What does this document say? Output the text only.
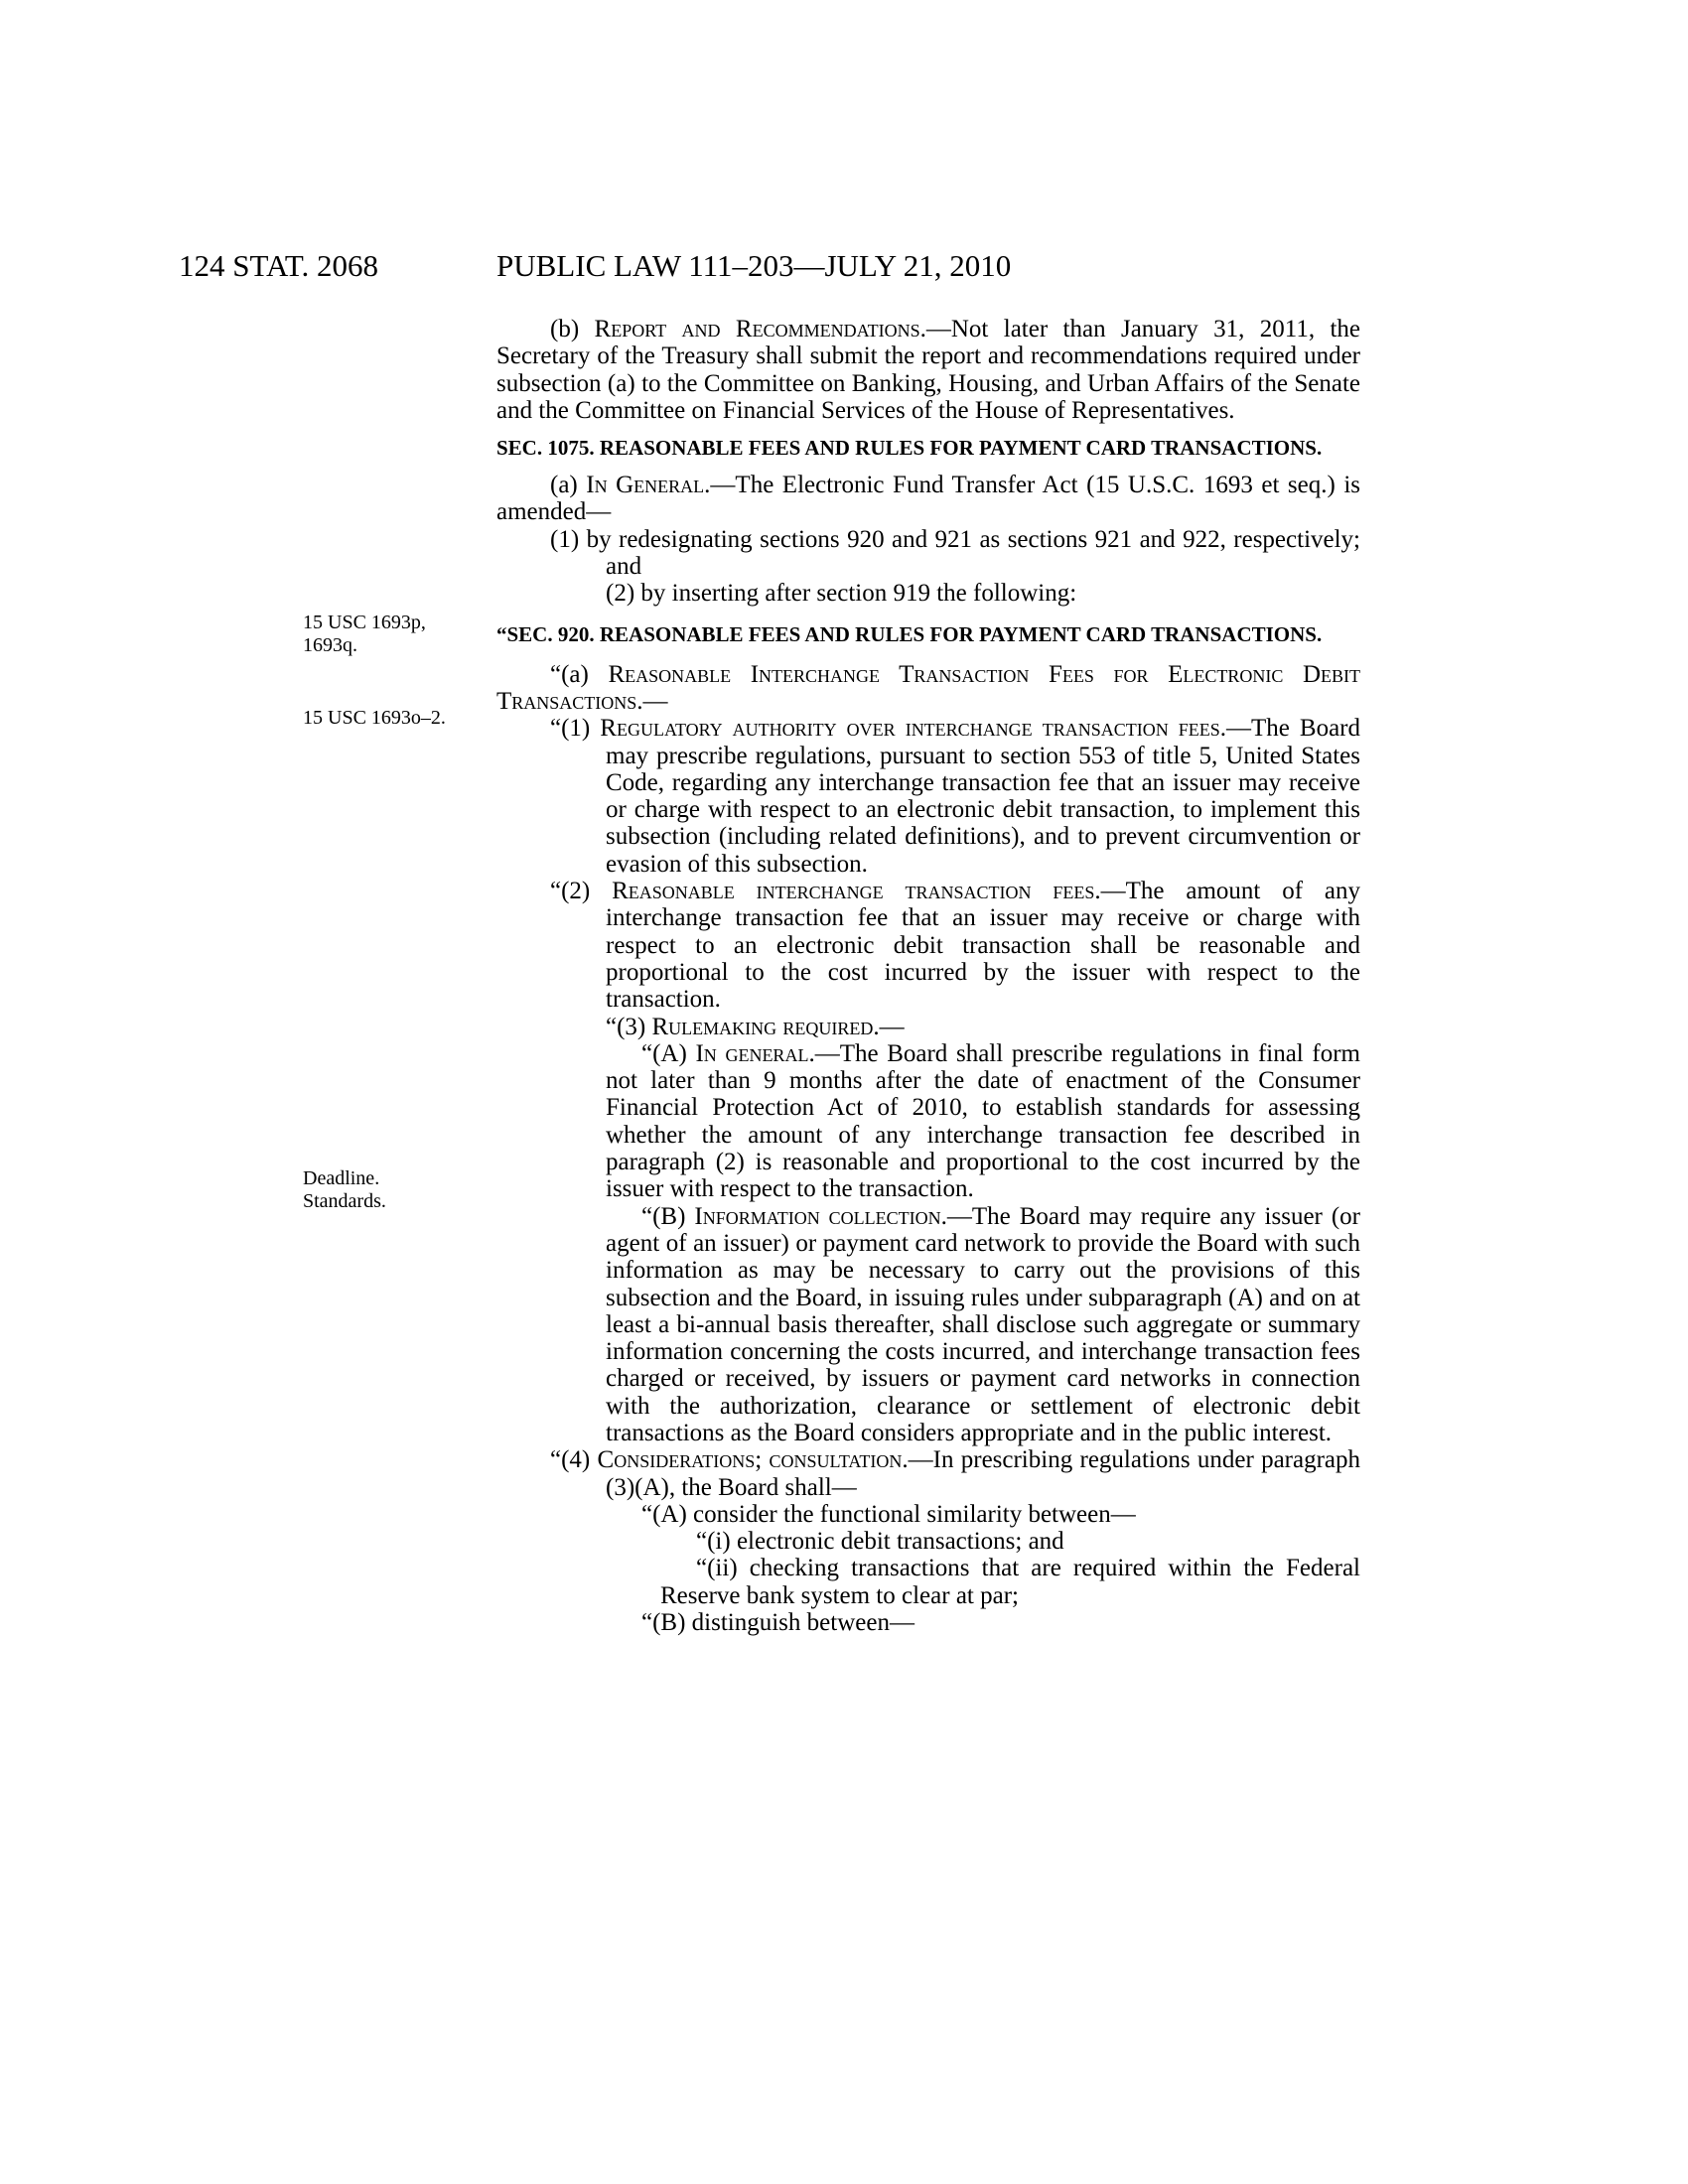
124 STAT. 2068	PUBLIC LAW 111–203—JULY 21, 2010
15 USC 1693p,
1693q.
15 USC 1693o–2.
Deadline.
Standards.

(b) Report and Recommendations.—Not later than January 31, 2011, the Secretary of the Treasury shall submit the report and recommendations required under subsection (a) to the Committee on Banking, Housing, and Urban Affairs of the Senate and the Committee on Financial Services of the House of Representatives.

SEC. 1075. REASONABLE FEES AND RULES FOR PAYMENT CARD TRANSACTIONS.

(a) In General.—The Electronic Fund Transfer Act (15 U.S.C. 1693 et seq.) is amended—

(1) by redesignating sections 920 and 921 as sections 921 and 922, respectively; and

(2) by inserting after section 919 the following:

“SEC. 920. REASONABLE FEES AND RULES FOR PAYMENT CARD TRANSACTIONS.

“(a) Reasonable Interchange Transaction Fees for Electronic Debit Transactions.—

“(1) Regulatory authority over interchange transaction fees.—The Board may prescribe regulations, pursuant to section 553 of title 5, United States Code, regarding any interchange transaction fee that an issuer may receive or charge with respect to an electronic debit transaction, to implement this subsection (including related definitions), and to prevent circumvention or evasion of this subsection.

“(2) Reasonable interchange transaction fees.—The amount of any interchange transaction fee that an issuer may receive or charge with respect to an electronic debit transaction shall be reasonable and proportional to the cost incurred by the issuer with respect to the transaction.

“(3) Rulemaking required.—

“(A) In general.—The Board shall prescribe regulations in final form not later than 9 months after the date of enactment of the Consumer Financial Protection Act of 2010, to establish standards for assessing whether the amount of any interchange transaction fee described in paragraph (2) is reasonable and proportional to the cost incurred by the issuer with respect to the transaction.

“(B) Information collection.—The Board may require any issuer (or agent of an issuer) or payment card network to provide the Board with such information as may be necessary to carry out the provisions of this subsection and the Board, in issuing rules under subparagraph (A) and on at least a bi-annual basis thereafter, shall disclose such aggregate or summary information concerning the costs incurred, and interchange transaction fees charged or received, by issuers or payment card networks in connection with the authorization, clearance or settlement of electronic debit transactions as the Board considers appropriate and in the public interest.

“(4) Considerations; consultation.—In prescribing regulations under paragraph (3)(A), the Board shall—

“(A) consider the functional similarity between—

“(i) electronic debit transactions; and

“(ii) checking transactions that are required within the Federal Reserve bank system to clear at par;

“(B) distinguish between—
